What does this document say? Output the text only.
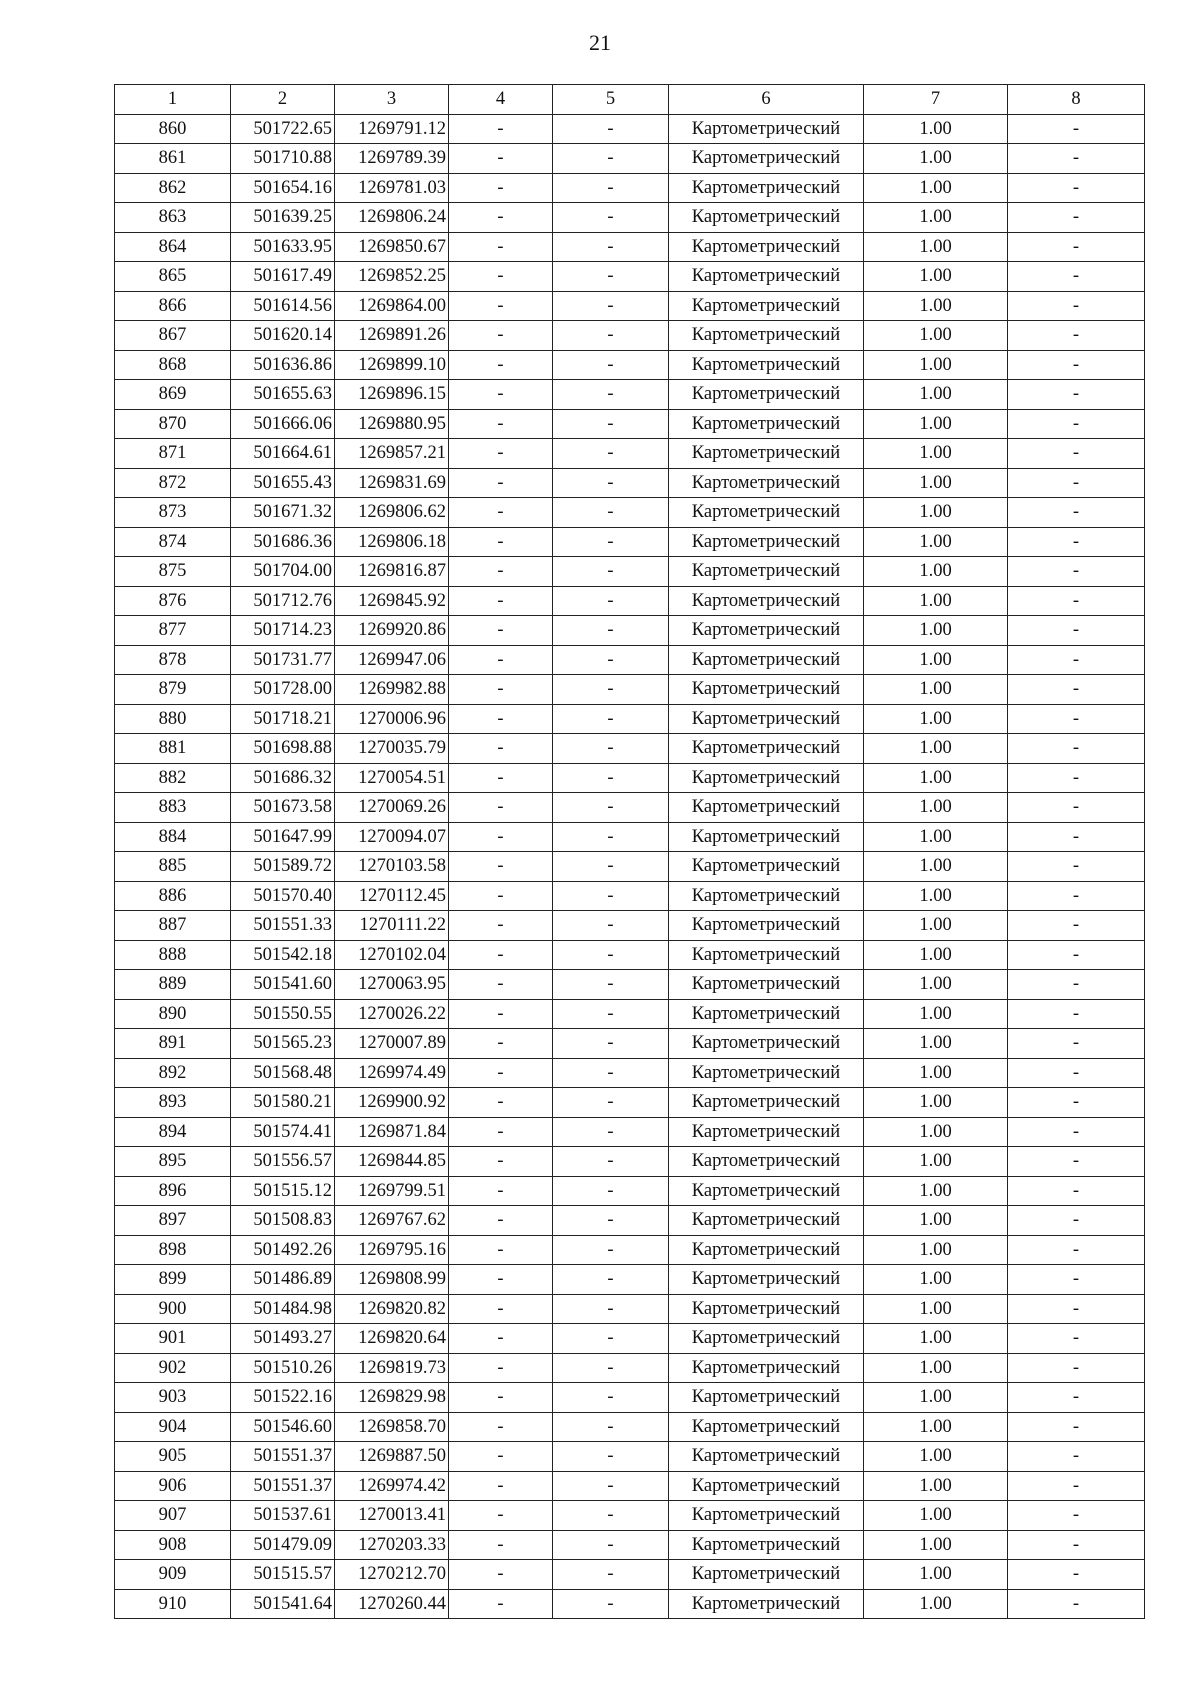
21
1	2	3	4	5	6	7	8
860	501722.65	1269791.12	-	-	Картометрический	1.00	-
861	501710.88	1269789.39	-	-	Картометрический	1.00	-
862	501654.16	1269781.03	-	-	Картометрический	1.00	-
863	501639.25	1269806.24	-	-	Картометрический	1.00	-
864	501633.95	1269850.67	-	-	Картометрический	1.00	-
865	501617.49	1269852.25	-	-	Картометрический	1.00	-
866	501614.56	1269864.00	-	-	Картометрический	1.00	-
867	501620.14	1269891.26	-	-	Картометрический	1.00	-
868	501636.86	1269899.10	-	-	Картометрический	1.00	-
869	501655.63	1269896.15	-	-	Картометрический	1.00	-
870	501666.06	1269880.95	-	-	Картометрический	1.00	-
871	501664.61	1269857.21	-	-	Картометрический	1.00	-
872	501655.43	1269831.69	-	-	Картометрический	1.00	-
873	501671.32	1269806.62	-	-	Картометрический	1.00	-
874	501686.36	1269806.18	-	-	Картометрический	1.00	-
875	501704.00	1269816.87	-	-	Картометрический	1.00	-
876	501712.76	1269845.92	-	-	Картометрический	1.00	-
877	501714.23	1269920.86	-	-	Картометрический	1.00	-
878	501731.77	1269947.06	-	-	Картометрический	1.00	-
879	501728.00	1269982.88	-	-	Картометрический	1.00	-
880	501718.21	1270006.96	-	-	Картометрический	1.00	-
881	501698.88	1270035.79	-	-	Картометрический	1.00	-
882	501686.32	1270054.51	-	-	Картометрический	1.00	-
883	501673.58	1270069.26	-	-	Картометрический	1.00	-
884	501647.99	1270094.07	-	-	Картометрический	1.00	-
885	501589.72	1270103.58	-	-	Картометрический	1.00	-
886	501570.40	1270112.45	-	-	Картометрический	1.00	-
887	501551.33	1270111.22	-	-	Картометрический	1.00	-
888	501542.18	1270102.04	-	-	Картометрический	1.00	-
889	501541.60	1270063.95	-	-	Картометрический	1.00	-
890	501550.55	1270026.22	-	-	Картометрический	1.00	-
891	501565.23	1270007.89	-	-	Картометрический	1.00	-
892	501568.48	1269974.49	-	-	Картометрический	1.00	-
893	501580.21	1269900.92	-	-	Картометрический	1.00	-
894	501574.41	1269871.84	-	-	Картометрический	1.00	-
895	501556.57	1269844.85	-	-	Картометрический	1.00	-
896	501515.12	1269799.51	-	-	Картометрический	1.00	-
897	501508.83	1269767.62	-	-	Картометрический	1.00	-
898	501492.26	1269795.16	-	-	Картометрический	1.00	-
899	501486.89	1269808.99	-	-	Картометрический	1.00	-
900	501484.98	1269820.82	-	-	Картометрический	1.00	-
901	501493.27	1269820.64	-	-	Картометрический	1.00	-
902	501510.26	1269819.73	-	-	Картометрический	1.00	-
903	501522.16	1269829.98	-	-	Картометрический	1.00	-
904	501546.60	1269858.70	-	-	Картометрический	1.00	-
905	501551.37	1269887.50	-	-	Картометрический	1.00	-
906	501551.37	1269974.42	-	-	Картометрический	1.00	-
907	501537.61	1270013.41	-	-	Картометрический	1.00	-
908	501479.09	1270203.33	-	-	Картометрический	1.00	-
909	501515.57	1270212.70	-	-	Картометрический	1.00	-
910	501541.64	1270260.44	-	-	Картометрический	1.00	-
